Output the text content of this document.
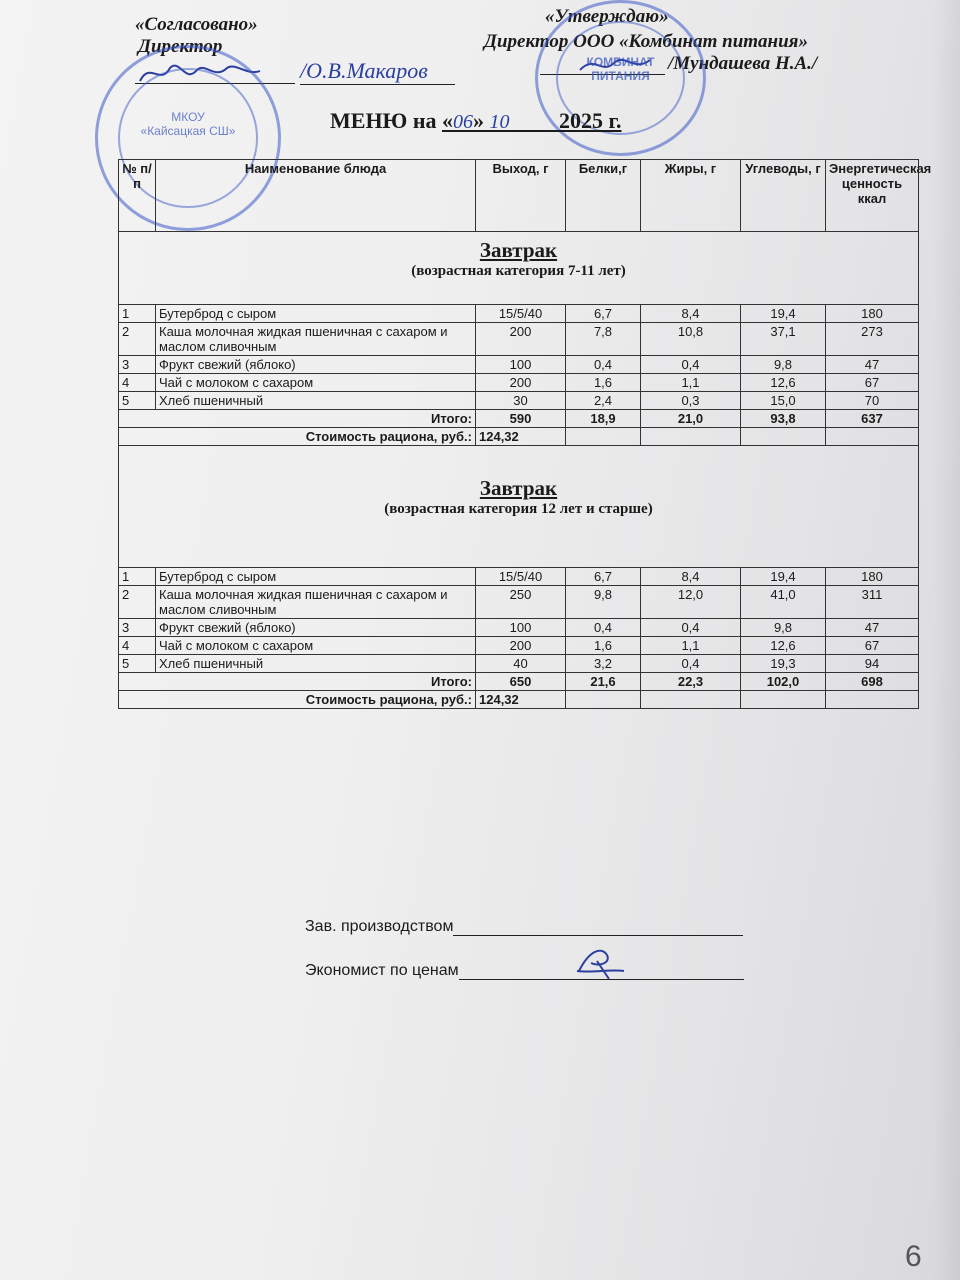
«Согласовано»
Директор
/О.В.Макаров
МКОУ
«Кайсацкая СШ»
«Утверждаю»
Директор ООО «Комбинат питания»
/Мундашева Н.А./
КОМБИНАТ
ПИТАНИЯ
МЕНЮ на «06» 10 2025 г.
№ п/п	Наименование блюда	Выход, г	Белки,г	Жиры, г	Углеводы, г	Энергетическая ценность ккал

Завтрак
(возрастная категория 7-11 лет)						

1	Бутерброд с сыром	15/5/40	6,7	8,4	19,4	180
2	Каша молочная жидкая пшеничная с сахаром и маслом сливочным	200	7,8	10,8	37,1	273
3	Фрукт свежий (яблоко)	100	0,4	0,4	9,8	47
4	Чай с молоком с сахаром	200	1,6	1,1	12,6	67
5	Хлеб пшеничный	30	2,4	0,3	15,0	70
Итого:		590	18,9	21,0	93,8	637
Стоимость рациона, руб.:		124,32				

Завтрак
(возрастная категория 12 лет и старше)						

1	Бутерброд с сыром	15/5/40	6,7	8,4	19,4	180
2	Каша молочная жидкая пшеничная с сахаром и маслом сливочным	250	9,8	12,0	41,0	311
3	Фрукт свежий (яблоко)	100	0,4	0,4	9,8	47
4	Чай с молоком с сахаром	200	1,6	1,1	12,6	67
5	Хлеб пшеничный	40	3,2	0,4	19,3	94
Итого:		650	21,6	22,3	102,0	698
Стоимость рациона, руб.:		124,32				
Зав. производством
Экономист по ценам
6
